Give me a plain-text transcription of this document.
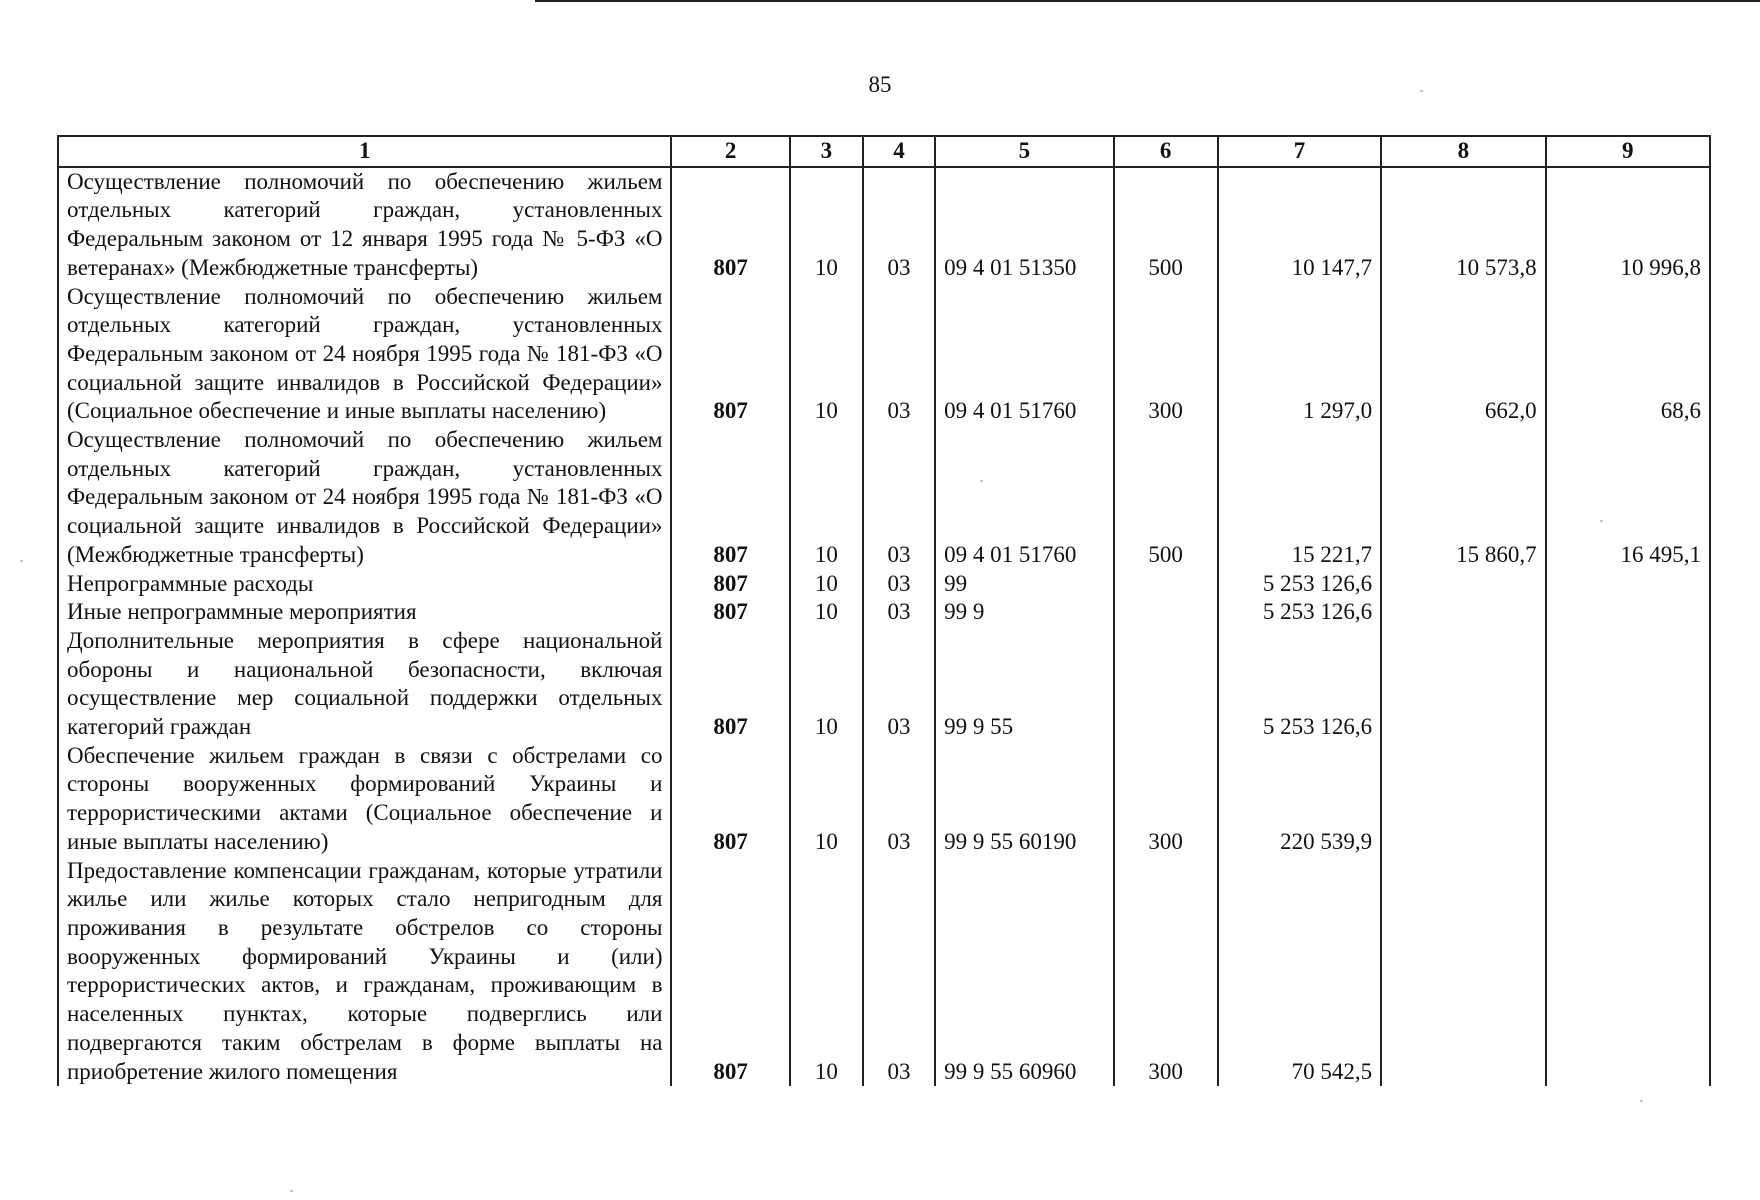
85
1	2	3	4	5	6	7	8	9
Осуществление полномочий по обеспечению жильем отдельных категорий граждан, установленных Федеральным законом от 12 января 1995 года № 5-ФЗ «О ветеранах» (Межбюджетные трансферты)	807	10	03	09 4 01 51350	500	10 147,7	10 573,8	10 996,8
Осуществление полномочий по обеспечению жильем отдельных категорий граждан, установленных Федеральным законом от 24 ноября 1995 года № 181-ФЗ «О социальной защите инвалидов в Российской Федерации» (Социальное обеспечение и иные выплаты населению)	807	10	03	09 4 01 51760	300	1 297,0	662,0	68,6
Осуществление полномочий по обеспечению жильем отдельных категорий граждан, установленных Федеральным законом от 24 ноября 1995 года № 181-ФЗ «О социальной защите инвалидов в Российской Федерации» (Межбюджетные трансферты)	807	10	03	09 4 01 51760	500	15 221,7	15 860,7	16 495,1
Непрограммные расходы	807	10	03	99		5 253 126,6		
Иные непрограммные мероприятия	807	10	03	99 9		5 253 126,6		
Дополнительные мероприятия в сфере национальной обороны и национальной безопасности, включая осуществление мер социальной поддержки отдельных категорий граждан	807	10	03	99 9 55		5 253 126,6		
Обеспечение жильем граждан в связи с обстрелами со стороны вооруженных формирований Украины и террористическими актами (Социальное обеспечение и иные выплаты населению)	807	10	03	99 9 55 60190	300	220 539,9		
Предоставление компенсации гражданам, которые утратили жилье или жилье которых стало непригодным для проживания в результате обстрелов со стороны вооруженных формирований Украины и (или) террористических актов, и гражданам, проживающим в населенных пунктах, которые подверглись или подвергаются таким обстрелам в форме выплаты на приобретение жилого помещения	807	10	03	99 9 55 60960	300	70 542,5		
